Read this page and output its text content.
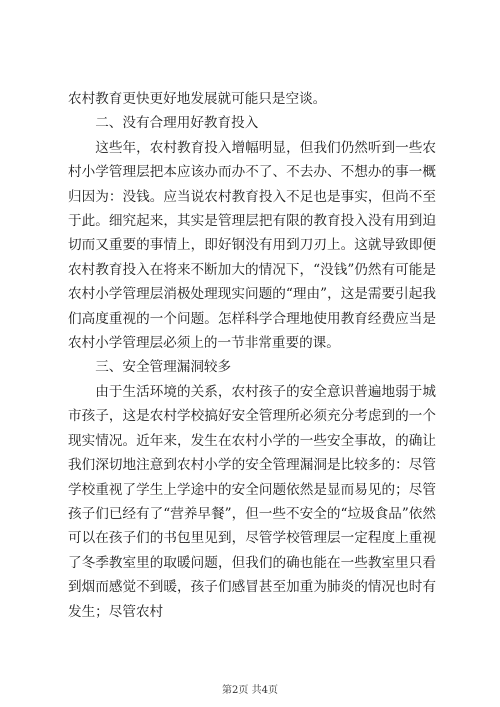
农村教育更快更好地发展就可能只是空谈。

二、没有合理用好教育投入

这些年，农村教育投入增幅明显，但我们仍然听到一些农村小学管理层把本应该办而办不了、不去办、不想办的事一概归因为：没钱。应当说农村教育投入不足也是事实，但尚不至于此。细究起来，其实是管理层把有限的教育投入没有用到迫切而又重要的事情上，即好钢没有用到刀刃上。这就导致即便农村教育投入在将来不断加大的情况下，“没钱”仍然有可能是农村小学管理层消极处理现实问题的“理由”，这是需要引起我们高度重视的一个问题。怎样科学合理地使用教育经费应当是农村小学管理层必须上的一节非常重要的课。

三、安全管理漏洞较多

由于生活环境的关系，农村孩子的安全意识普遍地弱于城市孩子，这是农村学校搞好安全管理所必须充分考虑到的一个现实情况。近年来，发生在农村小学的一些安全事故，的确让我们深切地注意到农村小学的安全管理漏洞是比较多的：尽管学校重视了学生上学途中的安全问题依然是显而易见的；尽管孩子们已经有了“营养早餐”，但一些不安全的“垃圾食品”依然可以在孩子们的书包里见到，尽管学校管理层一定程度上重视了冬季教室里的取暖问题，但我们的确也能在一些教室里只看到烟而感觉不到暖，孩子们感冒甚至加重为肺炎的情况也时有发生；尽管农村

第2页 共4页
